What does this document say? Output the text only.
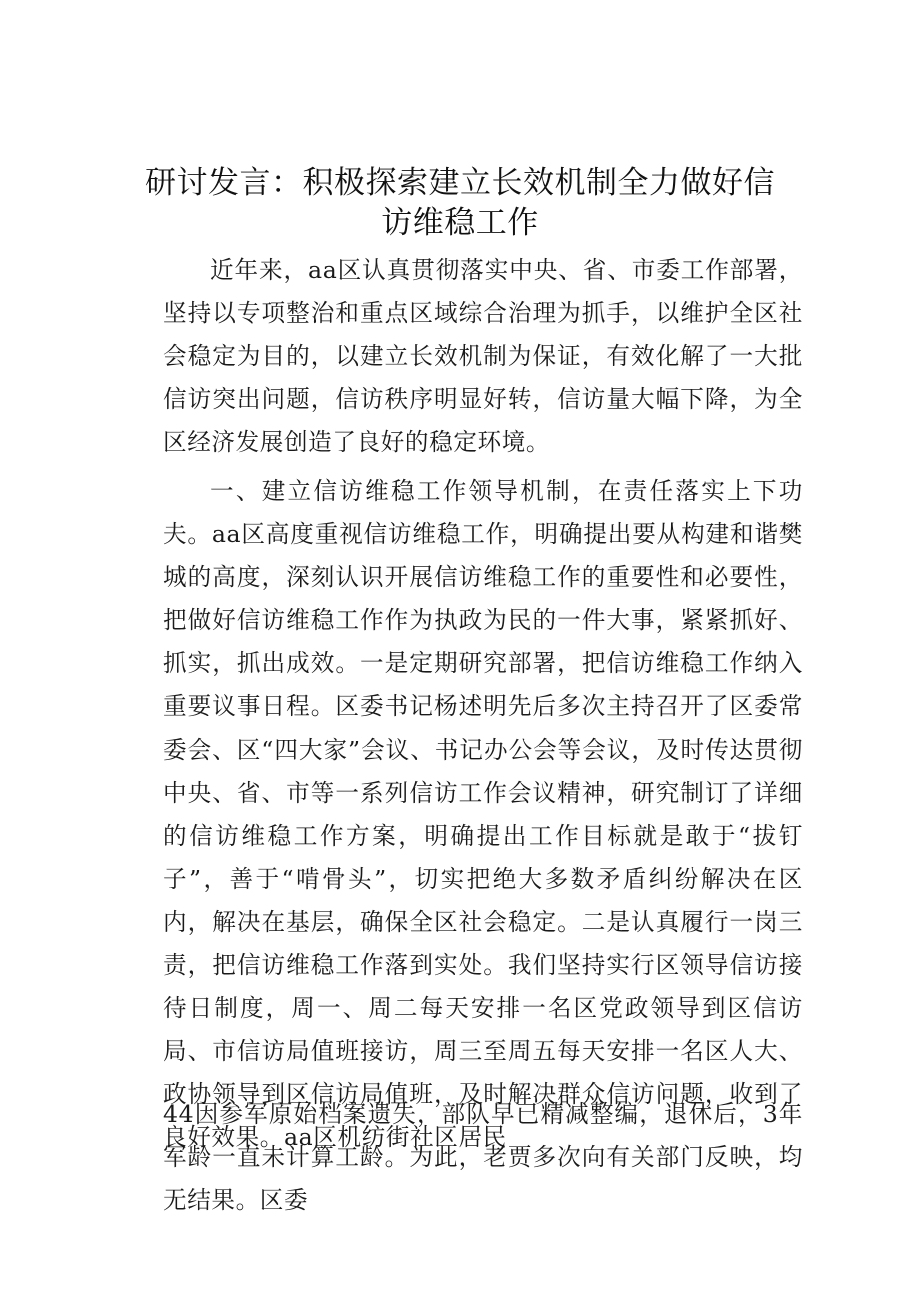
研讨发言：积极探索建立长效机制全力做好信
访维稳工作

近年来，aa区认真贯彻落实中央、省、市委工作部署，坚持以专项整治和重点区域综合治理为抓手，以维护全区社会稳定为目的，以建立长效机制为保证，有效化解了一大批信访突出问题，信访秩序明显好转，信访量大幅下降，为全区经济发展创造了良好的稳定环境。

一、建立信访维稳工作领导机制，在责任落实上下功夫。aa区高度重视信访维稳工作，明确提出要从构建和谐樊城的高度，深刻认识开展信访维稳工作的重要性和必要性，把做好信访维稳工作作为执政为民的一件大事，紧紧抓好、抓实，抓出成效。一是定期研究部署，把信访维稳工作纳入重要议事日程。区委书记杨述明先后多次主持召开了区委常委会、区“四大家”会议、书记办公会等会议，及时传达贯彻中央、省、市等一系列信访工作会议精神，研究制订了详细的信访维稳工作方案，明确提出工作目标就是敢于“拔钉子”，善于“啃骨头”，切实把绝大多数矛盾纠纷解决在区内，解决在基层，确保全区社会稳定。二是认真履行一岗三责，把信访维稳工作落到实处。我们坚持实行区领导信访接待日制度，周一、周二每天安排一名区党政领导到区信访局、市信访局值班接访，周三至周五每天安排一名区人大、政协领导到区信访局值班，及时解决群众信访问题，收到了良好效果。aa区机纺街社区居民

44因参军原始档案遗失，部队早已精减整编，退休后，3年军龄一直未计算工龄。为此，老贾多次向有关部门反映，均无结果。区委
